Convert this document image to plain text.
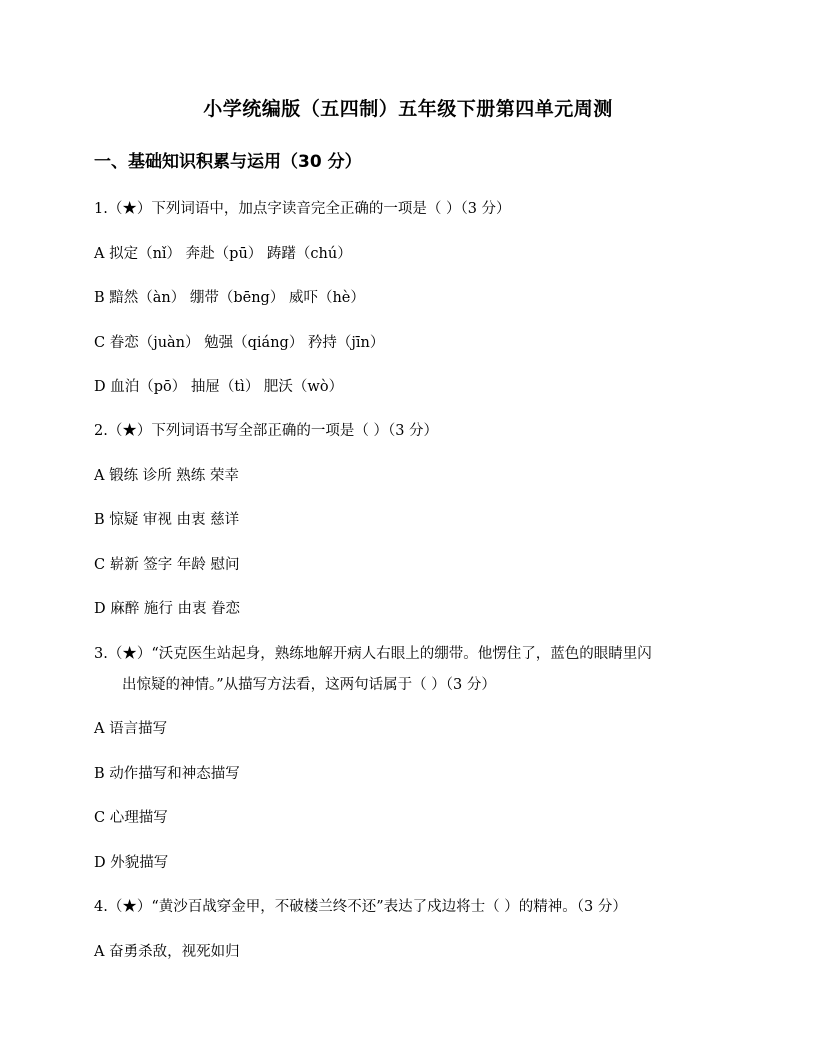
小学统编版（五四制）五年级下册第四单元周测
一、基础知识积累与运用（30 分）
1.（★）下列词语中，加点字读音完全正确的一项是（ ）（3 分）
A 拟定（nǐ） 奔赴（pū） 踌躇（chú）
B 黯然（àn） 绷带（bēng） 威吓（hè）
C 眷恋（juàn） 勉强（qiáng） 矜持（jīn）
D 血泊（pō） 抽屉（tì） 肥沃（wò）
2.（★）下列词语书写全部正确的一项是（ ）（3 分）
A 锻练 诊所 熟练 荣幸
B 惊疑 审视 由衷 慈详
C 崭新 签字 年龄 慰问
D 麻醉 施行 由衷 眷恋
3.（★）“沃克医生站起身，熟练地解开病人右眼上的绷带。他愣住了，蓝色的眼睛里闪
出惊疑的神情。”从描写方法看，这两句话属于（ ）（3 分）
A 语言描写
B 动作描写和神态描写
C 心理描写
D 外貌描写
4.（★）“黄沙百战穿金甲，不破楼兰终不还”表达了戍边将士（ ）的精神。（3 分）
A 奋勇杀敌，视死如归
